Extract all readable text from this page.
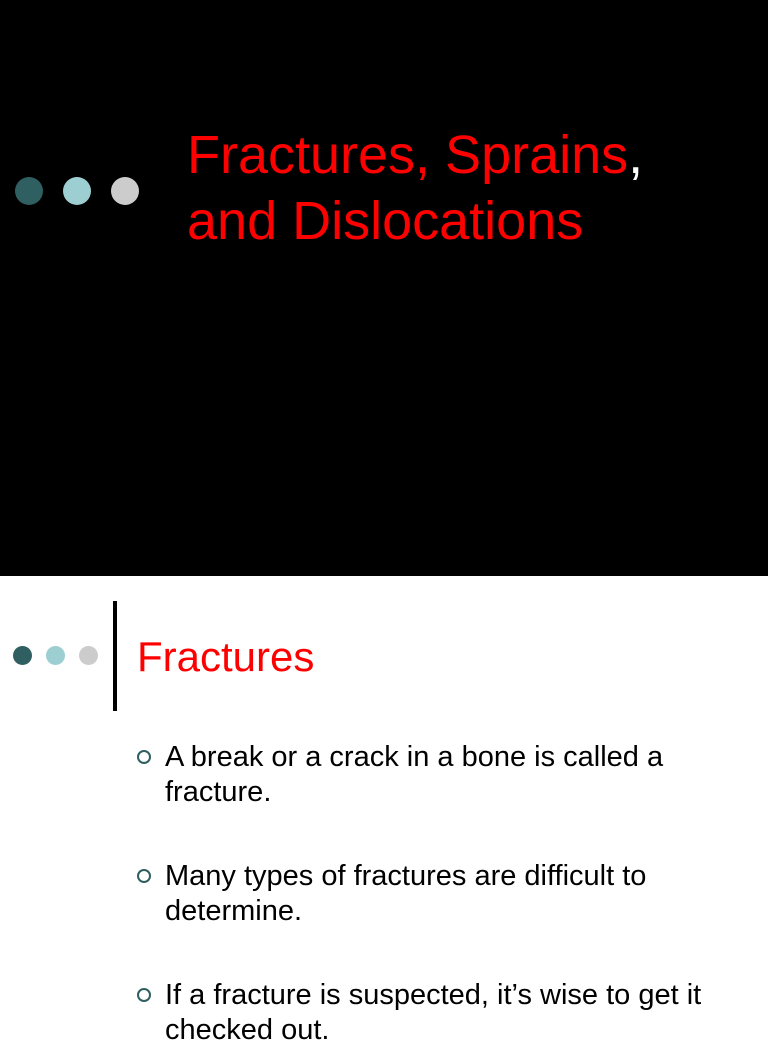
Fractures, Sprains,
and Dislocations
Fractures
A break or a crack in a bone is called a fracture.
Many types of fractures are difficult to determine.
If a fracture is suspected, it’s wise to get it checked out.
